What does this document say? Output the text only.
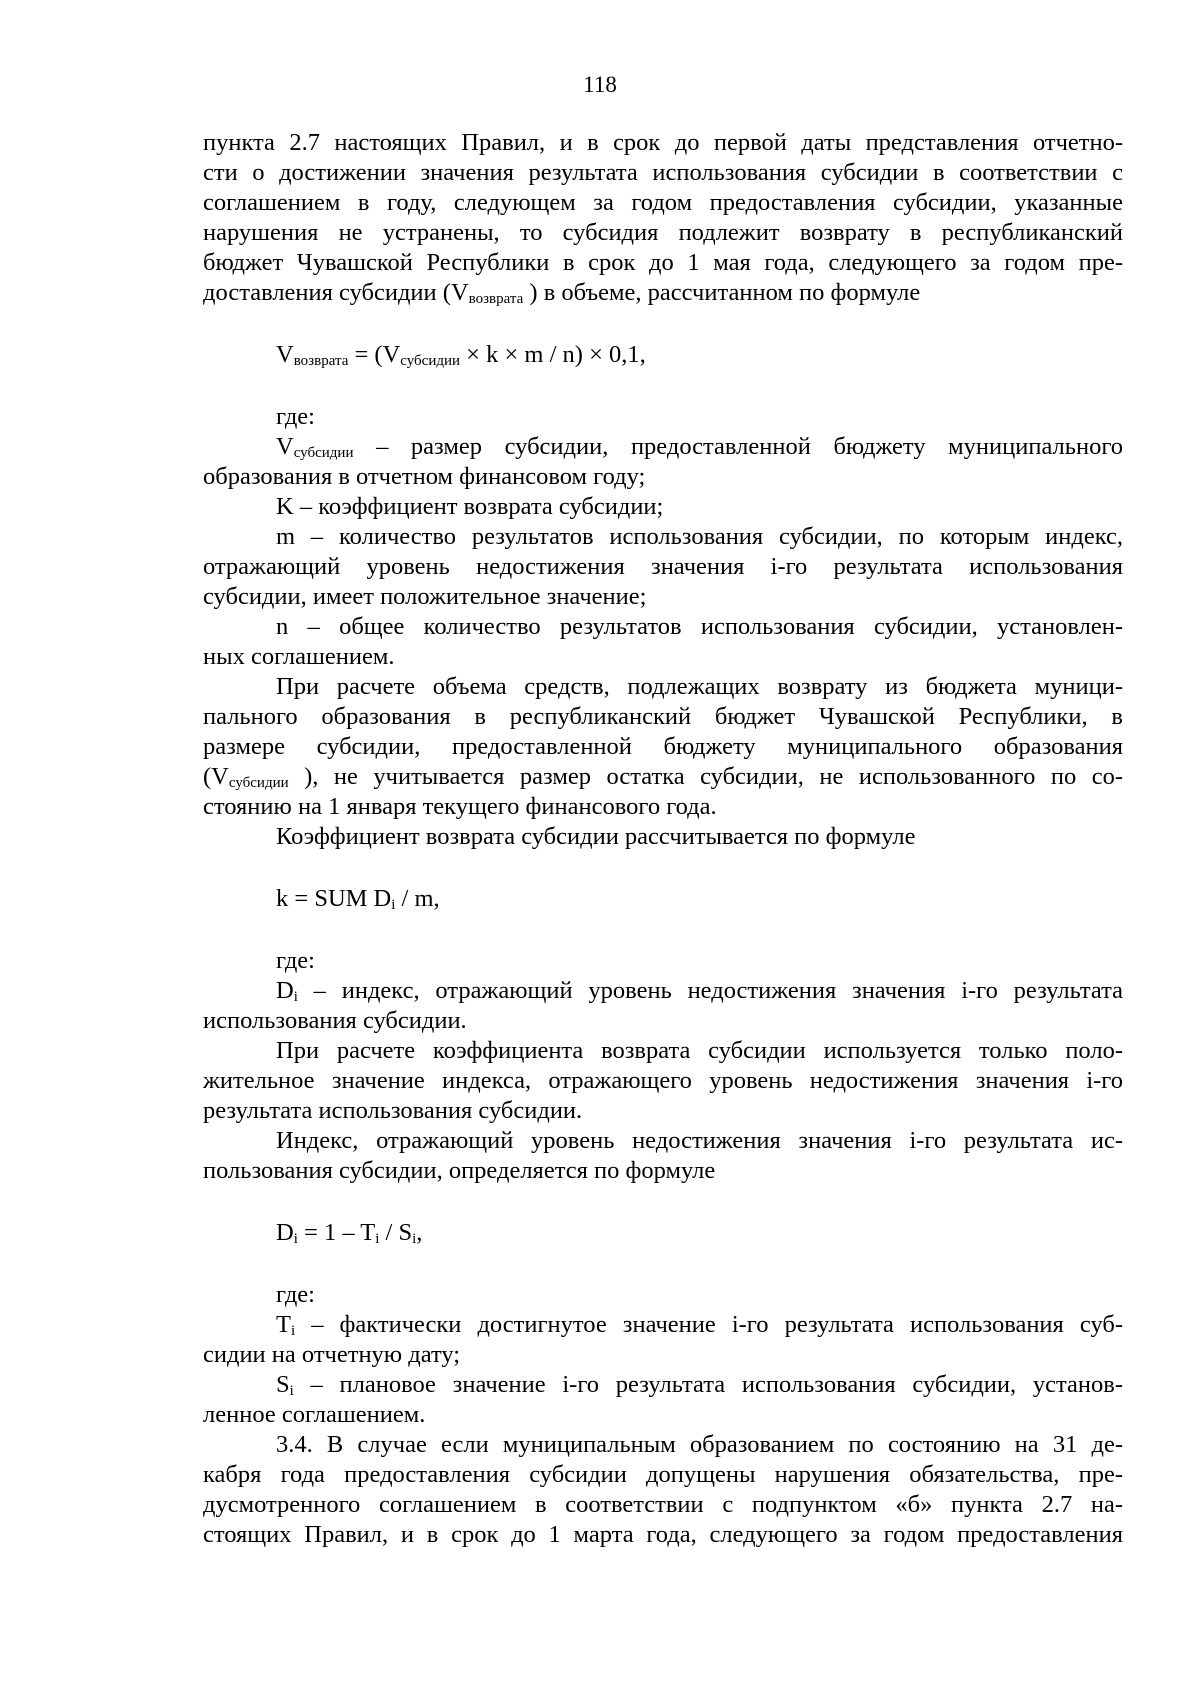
118
пункта 2.7 настоящих Правил, и в срок до первой даты представления отчетно-
сти о достижении значения результата использования субсидии в соответствии с
соглашением в году, следующем за годом предоставления субсидии, указанные
нарушения не устранены, то субсидия подлежит возврату в республиканский
бюджет Чувашской Республики в срок до 1 мая года, следующего за годом пре-
доставления субсидии ($V_{возврата}$ ) в объеме, рассчитанном по формуле
$V_{возврата} = (V_{субсидии} \times k \times m / n) \times 0,1$,
где:
$V_{субсидии}$ – размер субсидии, предоставленной бюджету муниципального
образования в отчетном финансовом году;
K – коэффициент возврата субсидии;
m – количество результатов использования субсидии, по которым индекс,
отражающий уровень недостижения значения i-го результата использования
субсидии, имеет положительное значение;
n – общее количество результатов использования субсидии, установлен-
ных соглашением.
При расчете объема средств, подлежащих возврату из бюджета муници-
пального образования в республиканский бюджет Чувашской Республики, в
размере субсидии, предоставленной бюджету муниципального образования
($V_{субсидии}$ ), не учитывается размер остатка субсидии, не использованного по со-
стоянию на 1 января текущего финансового года.
Коэффициент возврата субсидии рассчитывается по формуле
k = SUM $D_i$ / m,
где:
$D_i$ – индекс, отражающий уровень недостижения значения i-го результата
использования субсидии.
При расчете коэффициента возврата субсидии используется только поло-
жительное значение индекса, отражающего уровень недостижения значения i-го
результата использования субсидии.
Индекс, отражающий уровень недостижения значения i-го результата ис-
пользования субсидии, определяется по формуле
$D_i = 1 - T_i / S_i$,
где:
$T_i$ – фактически достигнутое значение i-го результата использования суб-
сидии на отчетную дату;
$S_i$ – плановое значение i-го результата использования субсидии, установ-
ленное соглашением.
3.4. В случае если муниципальным образованием по состоянию на 31 де-
кабря года предоставления субсидии допущены нарушения обязательства, пре-
дусмотренного соглашением в соответствии с подпунктом «б» пункта 2.7 на-
стоящих Правил, и в срок до 1 марта года, следующего за годом предоставления
